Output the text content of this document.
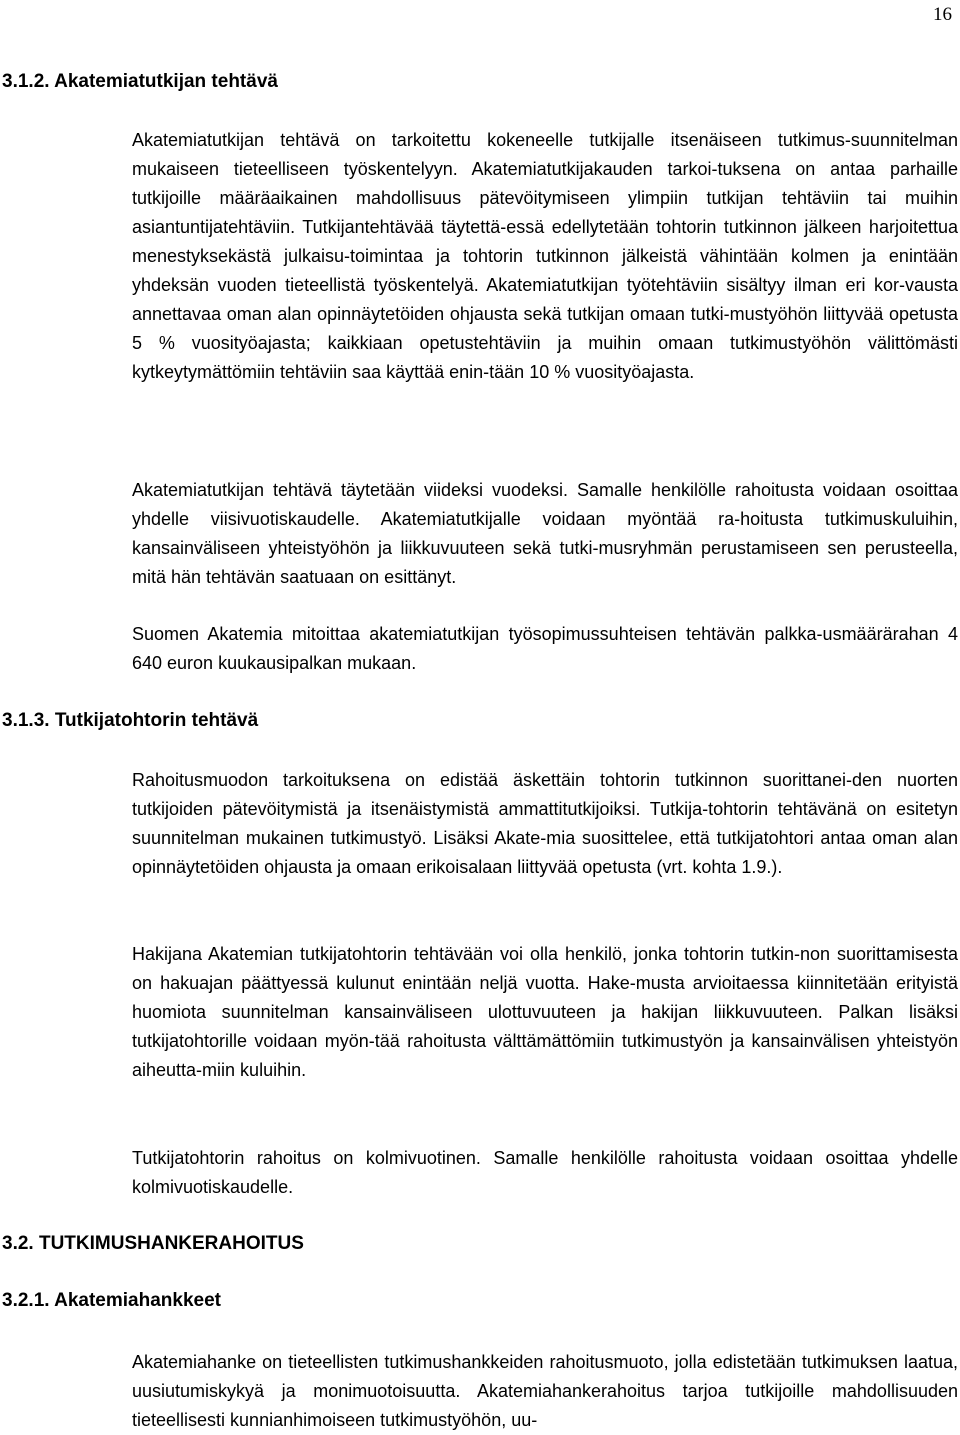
16
3.1.2. Akatemiatutkijan tehtävä

Akatemiatutkijan tehtävä on tarkoitettu kokeneelle tutkijalle itsenäiseen tutkimus-suunnitelman mukaiseen tieteelliseen työskentelyyn. Akatemiatutkijakauden tarkoi-tuksena on antaa parhaille tutkijoille määräaikainen mahdollisuus pätevöitymiseen ylimpiin tutkijan tehtäviin tai muihin asiantuntijatehtäviin. Tutkijantehtävää täytettä-essä edellytetään tohtorin tutkinnon jälkeen harjoitettua menestyksekästä julkaisu-toimintaa ja tohtorin tutkinnon jälkeistä vähintään kolmen ja enintään yhdeksän vuoden tieteellistä työskentelyä. Akatemiatutkijan työtehtäviin sisältyy ilman eri kor-vausta annettavaa oman alan opinnäytetöiden ohjausta sekä tutkijan omaan tutki-mustyöhön liittyvää opetusta 5 % vuosityöajasta; kaikkiaan opetustehtäviin ja muihin omaan tutkimustyöhön välittömästi kytkeytymättömiin tehtäviin saa käyttää enin-tään 10 % vuosityöajasta.

Akatemiatutkijan tehtävä täytetään viideksi vuodeksi. Samalle henkilölle rahoitusta voidaan osoittaa yhdelle viisivuotiskaudelle. Akatemiatutkijalle voidaan myöntää ra-hoitusta tutkimuskuluihin, kansainväliseen yhteistyöhön ja liikkuvuuteen sekä tutki-musryhmän perustamiseen sen perusteella, mitä hän tehtävän saatuaan on esittänyt.

Suomen Akatemia mitoittaa akatemiatutkijan työsopimussuhteisen tehtävän palkka-usmäärärahan 4 640 euron kuukausipalkan mukaan.

3.1.3. Tutkijatohtorin tehtävä

Rahoitusmuodon tarkoituksena on edistää äskettäin tohtorin tutkinnon suorittanei-den nuorten tutkijoiden pätevöitymistä ja itsenäistymistä ammattitutkijoiksi. Tutkija-tohtorin tehtävänä on esitetyn suunnitelman mukainen tutkimustyö. Lisäksi Akate-mia suosittelee, että tutkijatohtori antaa oman alan opinnäytetöiden ohjausta ja omaan erikoisalaan liittyvää opetusta (vrt. kohta 1.9.).

Hakijana Akatemian tutkijatohtorin tehtävään voi olla henkilö, jonka tohtorin tutkin-non suorittamisesta on hakuajan päättyessä kulunut enintään neljä vuotta. Hake-musta arvioitaessa kiinnitetään erityistä huomiota suunnitelman kansainväliseen ulottuvuuteen ja hakijan liikkuvuuteen. Palkan lisäksi tutkijatohtorille voidaan myön-tää rahoitusta välttämättömiin tutkimustyön ja kansainvälisen yhteistyön aiheutta-miin kuluihin.

Tutkijatohtorin rahoitus on kolmivuotinen. Samalle henkilölle rahoitusta voidaan osoittaa yhdelle kolmivuotiskaudelle.

3.2. TUTKIMUSHANKERAHOITUS
3.2.1. Akatemiahankkeet

Akatemiahanke on tieteellisten tutkimushankkeiden rahoitusmuoto, jolla edistetään tutkimuksen laatua, uusiutumiskykyä ja monimuotoisuutta. Akatemiahankerahoitus tarjoa tutkijoille mahdollisuuden tieteellisesti kunnianhimoiseen tutkimustyöhön, uu-
